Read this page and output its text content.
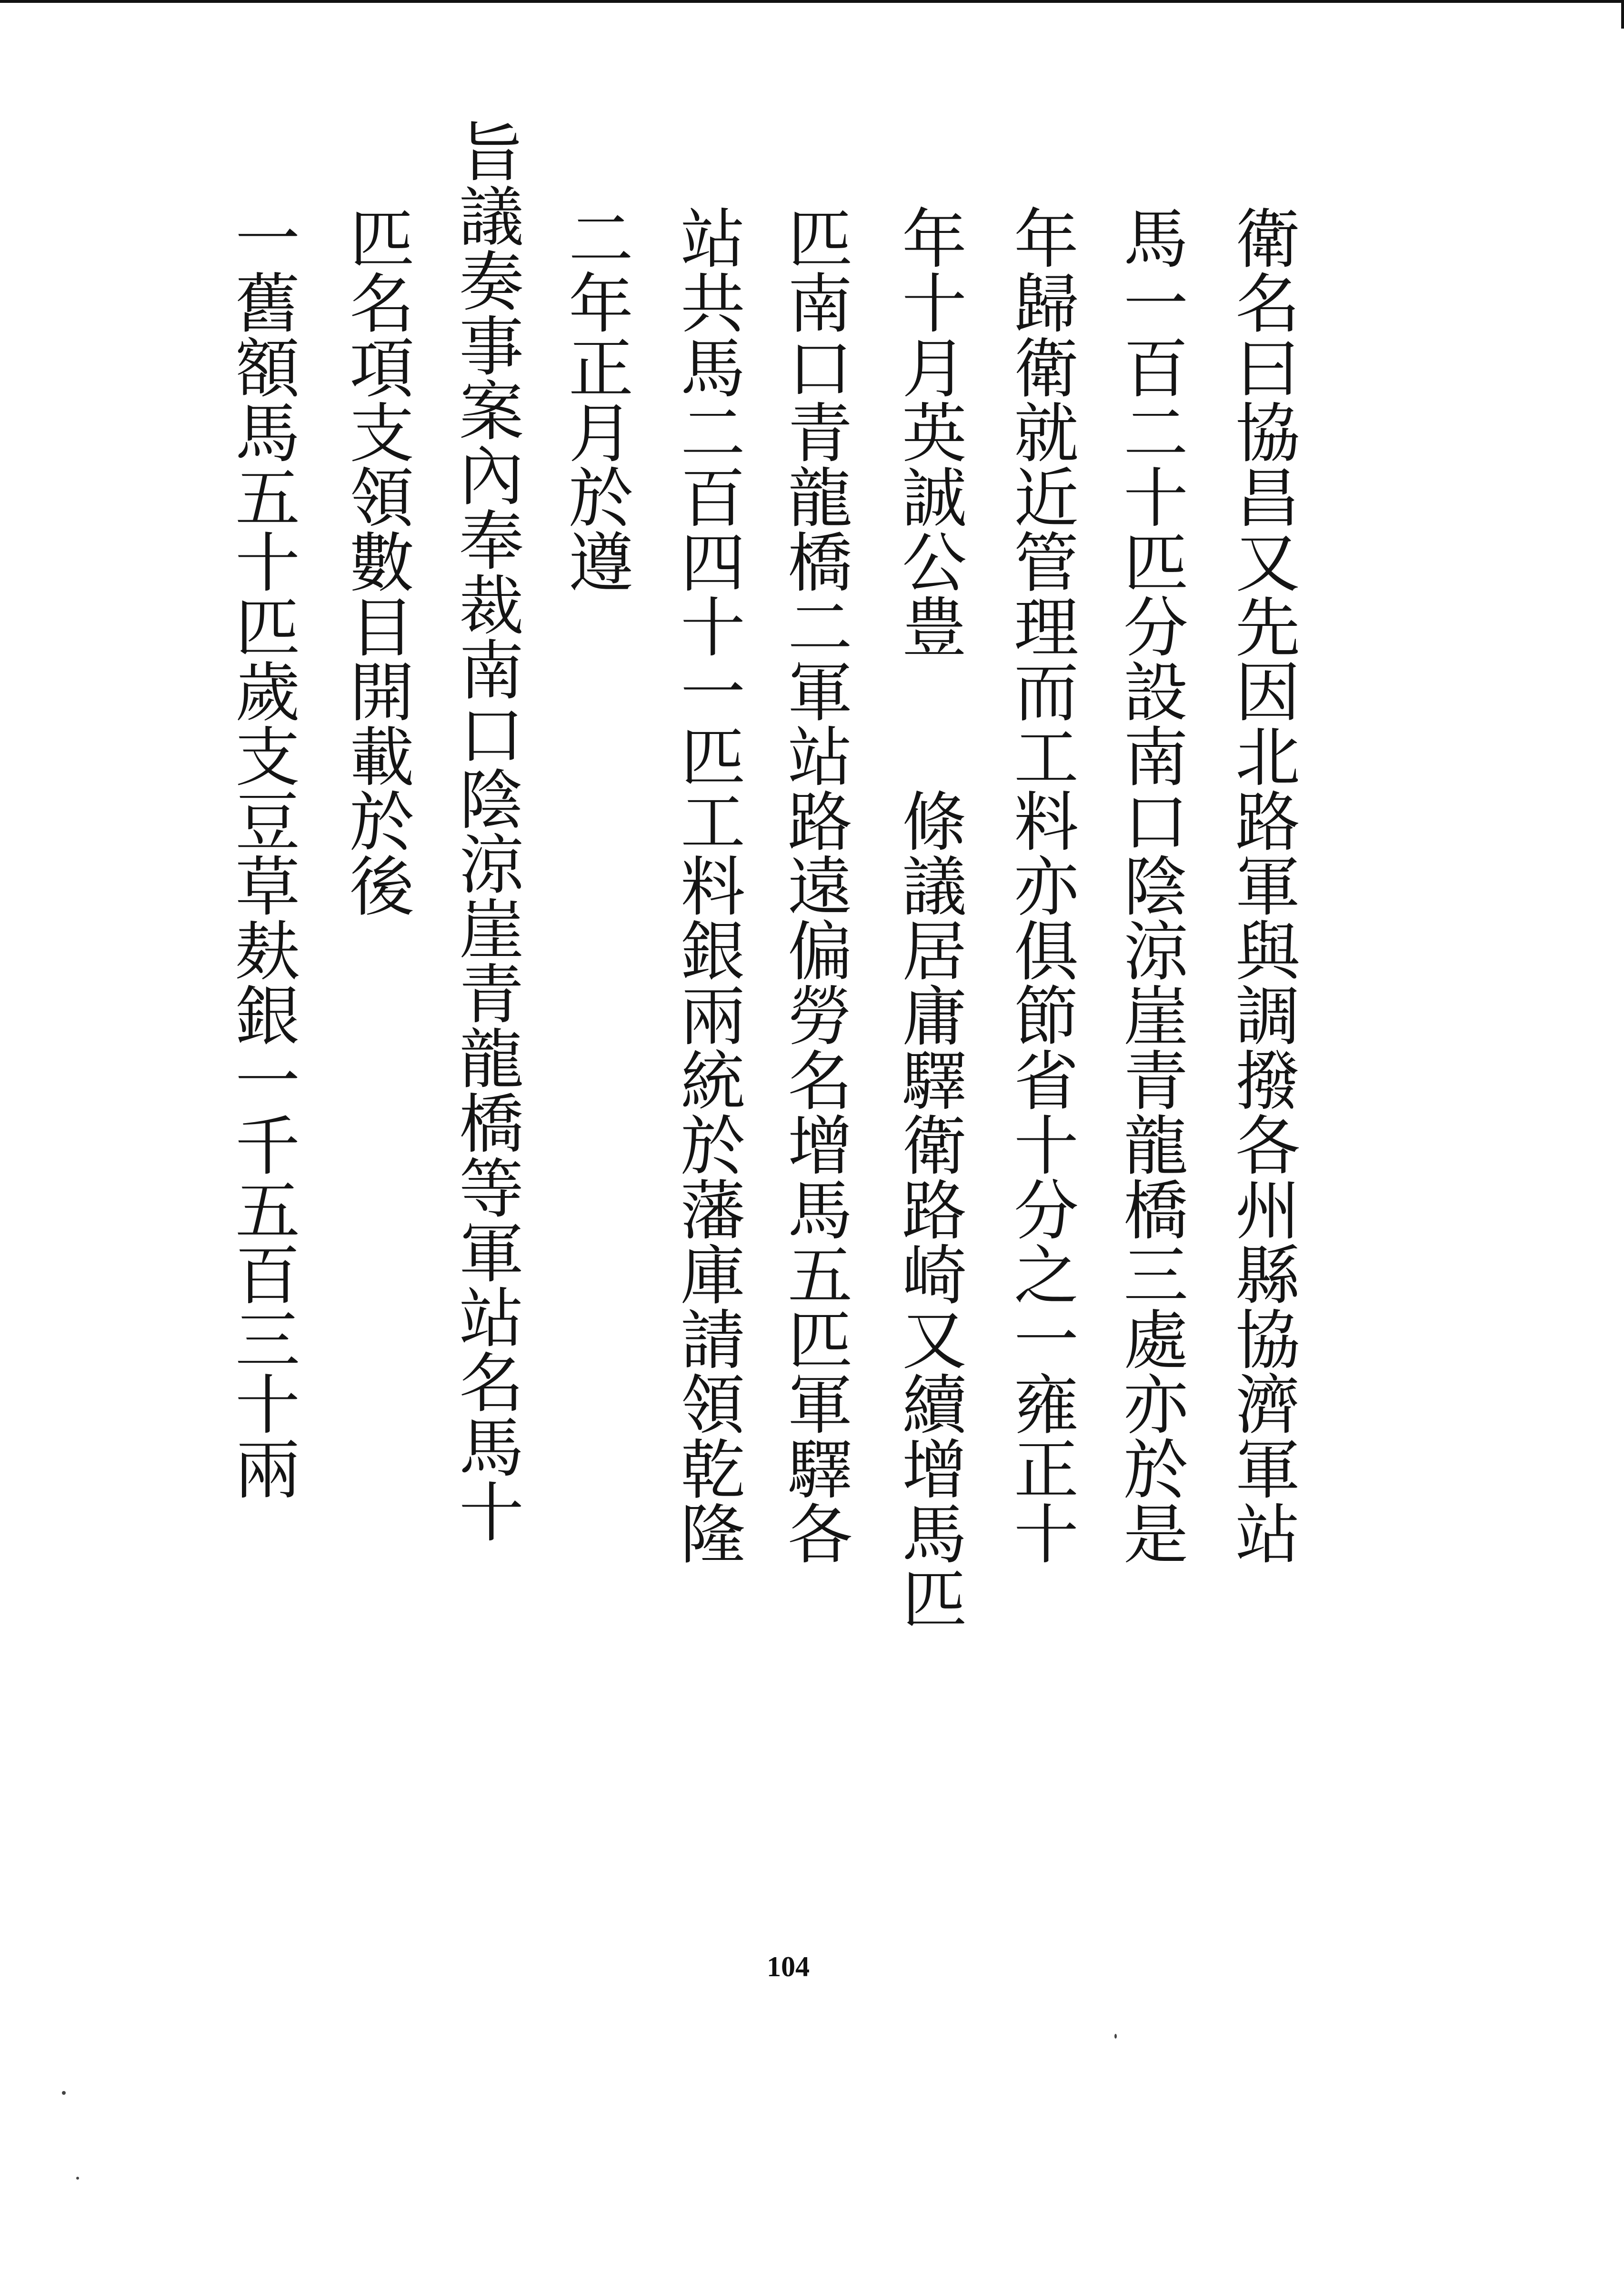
衛名曰協昌又先因北路軍與調撥各州縣協濟軍站
馬一百二十匹分設南口陰涼崖青龍橋三處亦於是
年歸衛就近管理而工料亦俱節省十分之一雍正十
年十月英誠公豊　　條議居庸驛衛路崎又續增馬匹
匹南口青龍橋二軍站路遠偏勞名增馬五匹軍驛各
站共馬二百四十一匹工料銀兩統於藩庫請領乾隆
二年正月於遵
旨議奏事案內奉裁南口陰涼崖青龍橋等軍站名馬十
匹名項支領數目開載於後
一舊額馬五十匹歲支豆草麸銀一千五百三十兩
104
